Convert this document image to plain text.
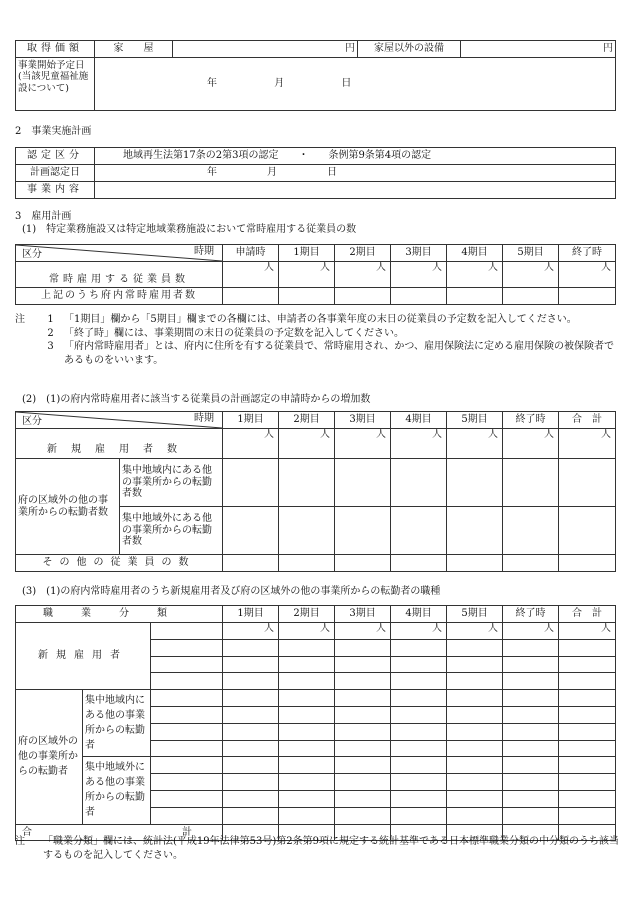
取得価額	家　　屋	円	家屋以外の設備	円
事業開始予定日(当該児童福祉施設について)	年 月 日			
2　事業実施計画
認定区分	地域再生法第17条の2第3項の認定　　・　　条例第9条第4項の認定
計画認定日	年　　　　　月　　　　　日
事業内容	
3　雇用計画
(1)　特定業務施設又は特定地域業務施設において常時雇用する従業員の数
区分 時期	申請時	1期目	2期目	3期目	4期目	5期目	終了時
常時雇用する従業員数	人	人	人	人	人	人	人
上記のうち府内常時雇用者数							
注	1	「1期目」欄から「5期目」欄までの各欄には、申請者の各事業年度の末日の従業員の予定数を記入してください。
2	「終了時」欄には、事業期間の末日の従業員の予定数を記入してください。
3	「府内常時雇用者」とは、府内に住所を有する従業員で、常時雇用され、かつ、雇用保険法に定める雇用保険の被保険者であるものをいいます。
(2)　(1)の府内常時雇用者に該当する従業員の計画認定の申請時からの増加数
区分 時期		1期目	2期目	3期目	4期目	5期目	終了時	合　計
新規雇用者数		人	人	人	人	人	人	人
府の区域外の他の事業所からの転勤者数	集中地域内にある他の事業所からの転勤者数							
	集中地域外にある他の事業所からの転勤者数							
その他の従業員の数								
(3)　(1)の府内常時雇用者のうち新規雇用者及び府の区域外の他の事業所からの転勤者の職種
職業分類			1期目	2期目	3期目	4期目	5期目	終了時	合　計
新規雇用者			人	人	人	人	人	人	人

府の区域外の他の事業所からの転勤者	集中地域内にある他の事業所からの転勤者								

	集中地域外にある他の事業所からの転勤者								

合　　　　　　　　　　　　　　　計									
注	「職業分類」欄には、統計法(平成19年法律第53号)第2条第9項に規定する統計基準である日本標準職業分類の中分類のうち該当するものを記入してください。
